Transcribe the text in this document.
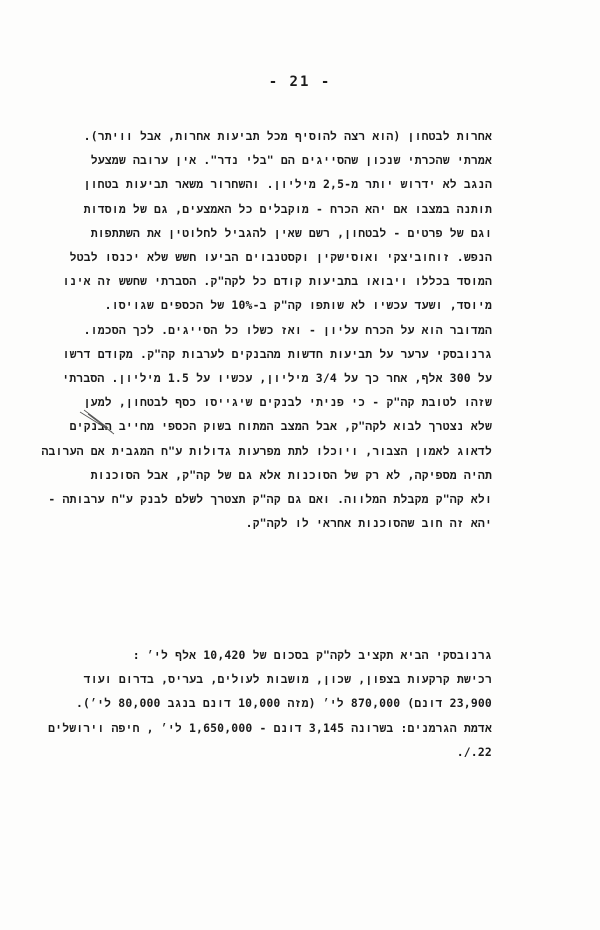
- 21 -
אחרות לבטחון (הוא רצה להוסיף מכל תביעות אחרות, אבל וויתר).
אמרתי שהכרתי שנכון שהסייגים הם "בלי נדר". אין ערובה שמצעל
הנגב לא ידרוש יותר מ-2,5 מיליון. והשחרור משאר תביעות בטחון
תותנה במצבו אם יהא הכרח - מוקבלים כל האמצעים, גם של מוסדות
וגם של פרטים - לבטחון, רשם שאין להגביל לחלוטין את השתתפות
הנפש. זוחוביצקי ואוסישקין וקסטנבוים הביעו חשש שלא יכנסו לבטל
המוסד בכללו ויבואו בתביעות קודם כל לקה"ק. הסברתי שחשש זה אינו
מיוסד, ושעד עכשיו לא שותפו קה"ק ב-10% של הכספים שגויסו.
המדובר הוא על הכרח עליון - ואז כשלו כל הסייגים. לכך הסכמו.
גרנובסקי ערער על תביעות חדשות מהבנקים לערבות קה"ק. מקודם דרשו
על 300 אלף, אחר כך על 3/4 מיליון, עכשיו על 1.5 מיליון. הסברתי
שזהו לטובת קה"ק - כי פניתי לבנקים שיגייסו כסף לבטחון, למען
שלא נצטרך לבוא לקה"ק, אבל המצב המתוח בשוק הכספי מחייב הבנקים
לדאוג לאמון הצבור, ויוכלו לתת מפרעות גדולות ע"ח המגבית אם הערובה
תהיה מספיקה, לא רק של הסוכנות אלא גם של קה"ק, אבל הסוכנות
ולא קה"ק מקבלת המלווה. ואם גם קה"ק תצטרך לשלם לבנק ע"ח ערבותה -
יהא זה חוב שהסוכנות אחראי לו לקה"ק.
גרנובסקי הביא תקציב לקה"ק בסכום של 10,420 אלף לי׳ :
רכישת קרקעות בצפון, שכון, מושבות לעולים, בעריס, בדרום ועוד
23,900 דונם) 870,000 לי׳ (מזה 10,000 דונם בנגב 80,000 לי׳).
אדמת הגרמנים: בשרונה 3,145 דונם - 1,650,000 לי׳ , חיפה וירושלים
22./.
